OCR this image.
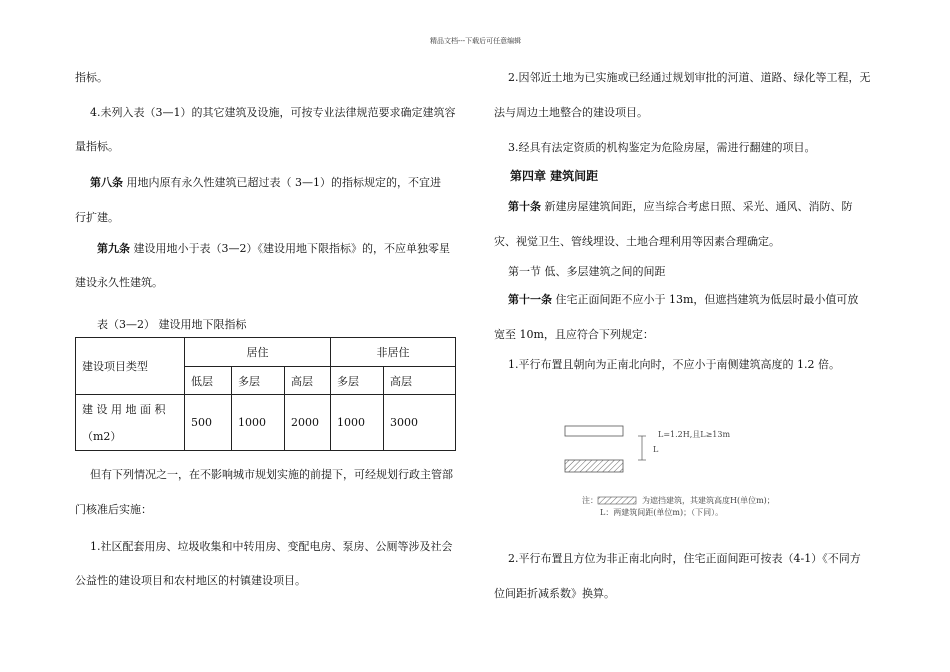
精品文档---下载后可任意编辑
指标。
4.未列入表（3—1）的其它建筑及设施，可按专业法律规范要求确定建筑容
量指标。
第八条 用地内原有永久性建筑已超过表（ 3—1）的指标规定的，不宜进
行扩建。
第九条 建设用地小于表（3—2）《建设用地下限指标》的，不应单独零星
建设永久性建筑。
表（3—2） 建设用地下限指标
建设项目类型	居住			非居住	
	低层	多层	高层	多层	高层

建 设 用 地 面 积
（m2）	500	1000	2000	1000	3000
但有下列情况之一，在不影响城市规划实施的前提下，可经规划行政主管部
门核准后实施：
1.社区配套用房、垃圾收集和中转用房、变配电房、泵房、公厕等涉及社会
公益性的建设项目和农村地区的村镇建设项目。
2.因邻近土地为已实施或已经通过规划审批的河道、道路、绿化等工程，无
法与周边土地整合的建设项目。
3.经具有法定资质的机构鉴定为危险房屋，需进行翻建的项目。
第四章 建筑间距
第十条 新建房屋建筑间距，应当综合考虑日照、采光、通风、消防、防
灾、视觉卫生、管线埋设、土地合理利用等因素合理确定。
第一节 低、多层建筑之间的间距
第十一条 住宅正面间距不应小于 13m，但遮挡建筑为低层时最小值可放
宽至 10m，且应符合下列规定：
1.平行布置且朝向为正南北向时，不应小于南侧建筑高度的 1.2 倍。
L=1.2H,且L≥13m
L
注：	为遮挡建筑，其建筑高度H(单位m)；
L：两建筑间距(单位m)；（下同）。
2.平行布置且方位为非正南北向时，住宅正面间距可按表（4-1）《不同方
位间距折减系数》换算。
